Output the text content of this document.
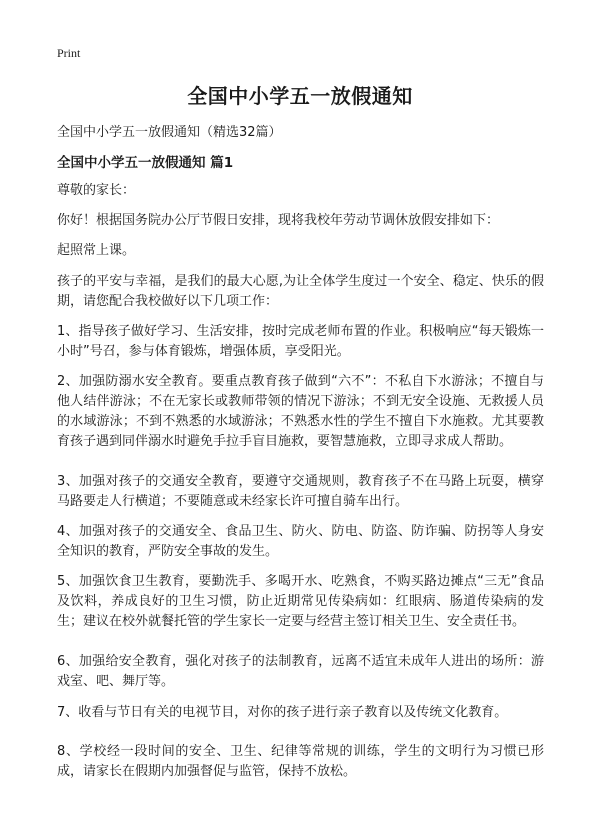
Print
全国中小学五一放假通知
全国中小学五一放假通知（精选32篇）
全国中小学五一放假通知 篇1

尊敬的家长：

你好！根据国务院办公厅节假日安排，现将我校年劳动节调休放假安排如下：

起照常上课。

孩子的平安与幸福，是我们的最大心愿,为让全体学生度过一个安全、稳定、快乐的假期，请您配合我校做好以下几项工作：

1、指导孩子做好学习、生活安排，按时完成老师布置的作业。积极响应“每天锻炼一小时”号召，参与体育锻炼，增强体质，享受阳光。

2、加强防溺水安全教育。要重点教育孩子做到“六不”：不私自下水游泳；不擅自与他人结伴游泳；不在无家长或教师带领的情况下游泳；不到无安全设施、无救援人员的水域游泳；不到不熟悉的水域游泳；不熟悉水性的学生不擅自下水施救。尤其要教育孩子遇到同伴溺水时避免手拉手盲目施救，要智慧施救，立即寻求成人帮助。

3、加强对孩子的交通安全教育，要遵守交通规则，教育孩子不在马路上玩耍，横穿马路要走人行横道；不要随意或未经家长许可擅自骑车出行。

4、加强对孩子的交通安全、食品卫生、防火、防电、防盗、防诈骗、防拐等人身安全知识的教育，严防安全事故的发生。

5、加强饮食卫生教育，要勤洗手、多喝开水、吃熟食，不购买路边摊点“三无”食品及饮料，养成良好的卫生习惯，防止近期常见传染病如：红眼病、肠道传染病的发生；建议在校外就餐托管的学生家长一定要与经营主签订相关卫生、安全责任书。

6、加强给安全教育，强化对孩子的法制教育，远离不适宜未成年人进出的场所：游戏室、吧、舞厅等。

7、收看与节日有关的电视节目，对你的孩子进行亲子教育以及传统文化教育。

8、学校经一段时间的安全、卫生、纪律等常规的训练，学生的文明行为习惯已形成，请家长在假期内加强督促与监管，保持不放松。
